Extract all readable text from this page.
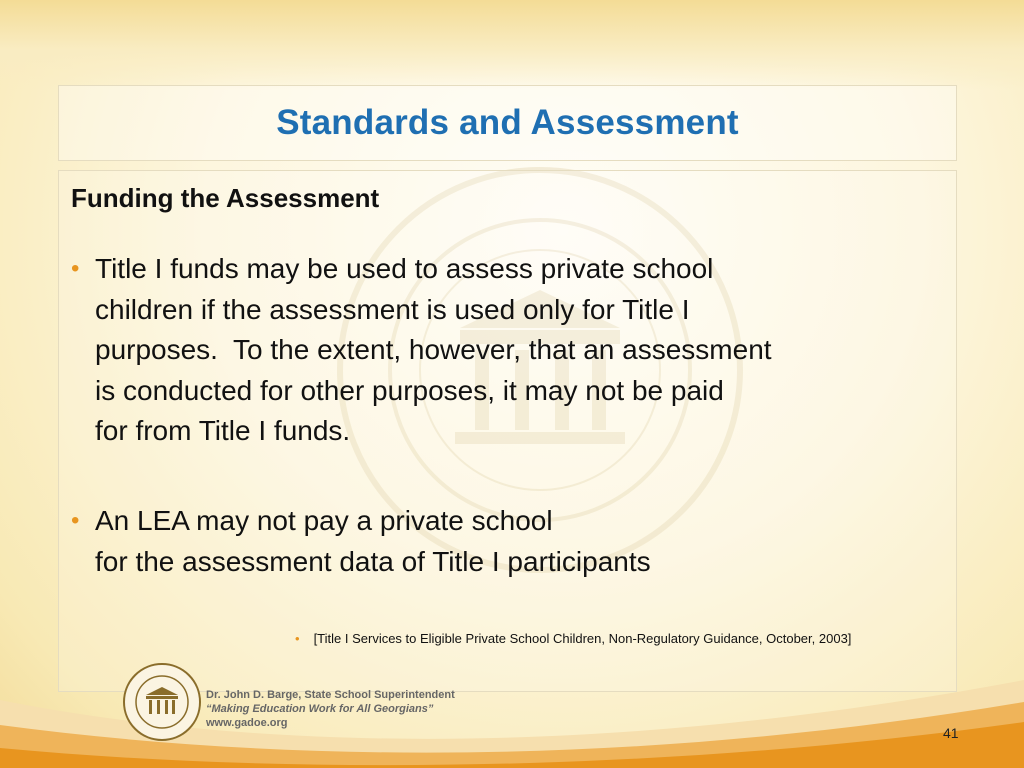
Standards and Assessment
Funding the Assessment
• Title I funds may be used to assess private school
children if the assessment is used only for Title I
purposes.  To the extent, however, that an assessment
is conducted for other purposes, it may not be paid
for from Title I funds.
• An LEA may not pay a private school
for the assessment data of Title I participants
• [Title I Services to Eligible Private School Children, Non-Regulatory Guidance, October, 2003]
Dr. John D. Barge, State School Superintendent
“Making Education Work for All Georgians”
www.gadoe.org
41
